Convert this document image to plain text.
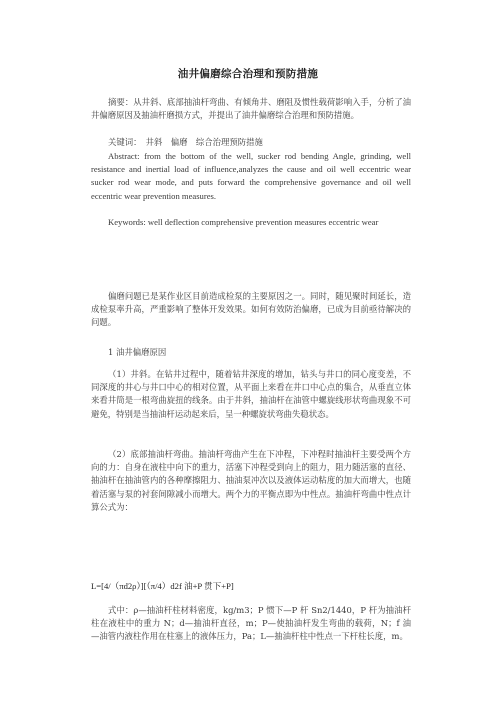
油井偏磨综合治理和预防措施

摘要：从井斜、底部抽油杆弯曲、有倾角井、磨阻及惯性载荷影响入手，分析了油井偏磨原因及抽油杆磨损方式，并提出了油井偏磨综合治理和预防措施。

关键词：　井斜　偏磨　综合治理预防措施

Abstract: from the bottom of the well, sucker rod bending Angle, grinding, well resistance and inertial load of influence,analyzes the cause and oil well eccentric wear sucker rod wear mode, and puts forward the comprehensive governance and oil well eccentric wear prevention measures.

Keywords: well deflection comprehensive prevention measures eccentric wear

偏磨问题已是某作业区目前造成检泵的主要原因之一。同时，随见聚时间延长，造成检泵率升高，严重影响了整体开发效果。如何有效防治偏磨，已成为目前亟待解决的问题。

1 油井偏磨原因

（1）井斜。在钻井过程中，随着钻井深度的增加，钻头与井口的同心度变差，不同深度的井心与井口中心的相对位置，从平面上来看在井口中心点的集合，从垂直立体来看井筒是一根弯曲旋扭的线条。由于井斜，抽油杆在油管中螺旋线形状弯曲现象不可避免，特别是当抽油杆运动起来后，呈一种螺旋状弯曲失稳状态。

（2）底部抽油杆弯曲。抽油杆弯曲产生在下冲程，下冲程时抽油杆主要受两个方向的力：自身在液柱中向下的重力，活塞下冲程受到向上的阻力，阻力随活塞的直径、抽油杆在抽油管内的各种摩擦阻力、抽油泵冲次以及液体运动粘度的加大而增大，也随着活塞与泵的衬套间隙减小而增大。两个力的平衡点即为中性点。抽油杆弯曲中性点计算公式为：

L=[4/（πd2ρ）][（π/4）d2f 油+P 贯下+P]

式中：ρ—抽油杆柱材料密度，kg/m3；P 惯下—P 杆 Sn2/1440，P 杆为抽油杆柱在液柱中的重力 N；d—抽油杆直径，m；P—使抽油杆发生弯曲的载荷，N；f 油 —油管内液柱作用在柱塞上的液体压力，Pa；L—抽油杆柱中性点一下杆柱长度，m。
